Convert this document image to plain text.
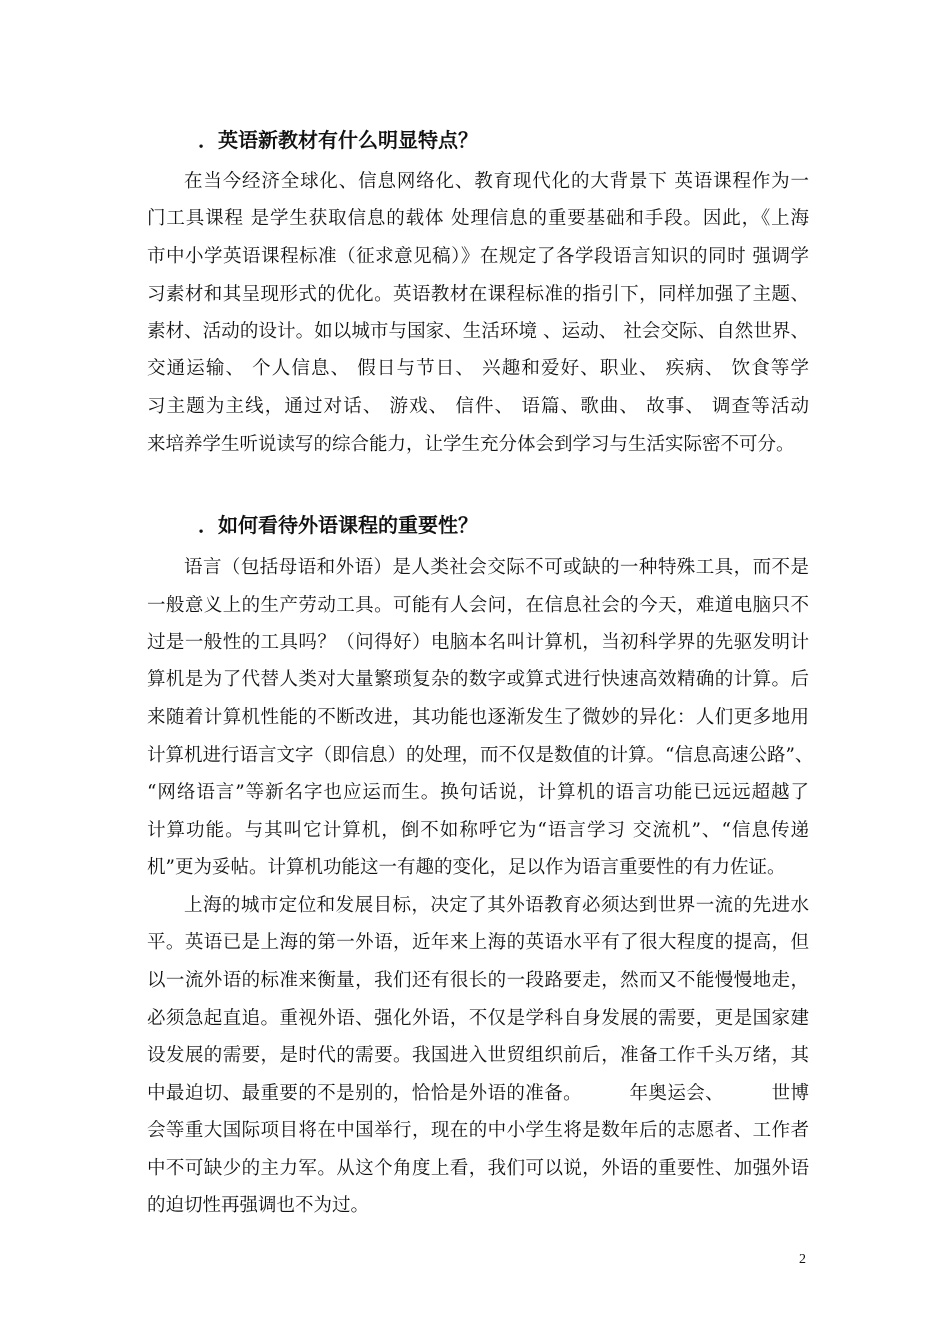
．英语新教材有什么明显特点？
在当今经济全球化、信息网络化、教育现代化的大背景下 英语课程作为一
门工具课程 是学生获取信息的载体 处理信息的重要基础和手段。因此，《上海
市中小学英语课程标准（征求意见稿）》在规定了各学段语言知识的同时 强调学
习素材和其呈现形式的优化。英语教材在课程标准的指引下，同样加强了主题、
素材、活动的设计。如以城市与国家、生活环境 、运动、 社会交际、自然世界、
交通运输、 个人信息、 假日与节日、 兴趣和爱好、职业、 疾病、 饮食等学
习主题为主线，通过对话、 游戏、 信件、 语篇、歌曲、 故事、 调查等活动
来培养学生听说读写的综合能力，让学生充分体会到学习与生活实际密不可分。
．如何看待外语课程的重要性？
语言（包括母语和外语）是人类社会交际不可或缺的一种特殊工具，而不是
一般意义上的生产劳动工具。可能有人会问，在信息社会的今天，难道电脑只不
过是一般性的工具吗？（问得好）电脑本名叫计算机，当初科学界的先驱发明计
算机是为了代替人类对大量繁琐复杂的数字或算式进行快速高效精确的计算。后
来随着计算机性能的不断改进，其功能也逐渐发生了微妙的异化：人们更多地用
计算机进行语言文字（即信息）的处理，而不仅是数值的计算。“信息高速公路”、
“网络语言”等新名字也应运而生。换句话说，计算机的语言功能已远远超越了
计算功能。与其叫它计算机，倒不如称呼它为“语言学习 交流机”、“信息传递
机”更为妥帖。计算机功能这一有趣的变化，足以作为语言重要性的有力佐证。
上海的城市定位和发展目标，决定了其外语教育必须达到世界一流的先进水
平。英语已是上海的第一外语，近年来上海的英语水平有了很大程度的提高，但
以一流外语的标准来衡量，我们还有很长的一段路要走，然而又不能慢慢地走，
必须急起直追。重视外语、强化外语，不仅是学科自身发展的需要，更是国家建
设发展的需要，是时代的需要。我国进入世贸组织前后，准备工作千头万绪，其
中最迫切、最重要的不是别的，恰恰是外语的准备。　　　年奥运会、　　　世博
会等重大国际项目将在中国举行，现在的中小学生将是数年后的志愿者、工作者
中不可缺少的主力军。从这个角度上看，我们可以说，外语的重要性、加强外语
的迫切性再强调也不为过。
2
